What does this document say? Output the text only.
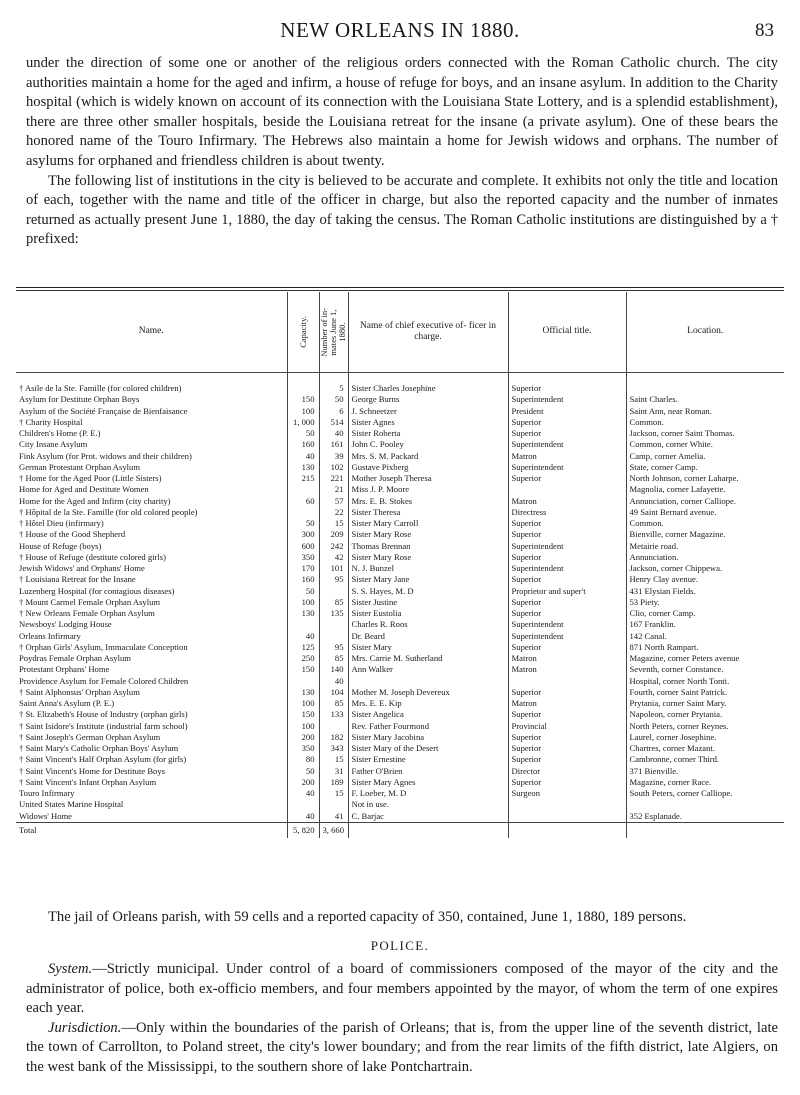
NEW ORLEANS IN 1880.	83

under the direction of some one or another of the religious orders connected with the Roman Catholic church. The city authorities maintain a home for the aged and infirm, a house of refuge for boys, and an insane asylum. In addition to the Charity hospital (which is widely known on account of its connection with the Louisiana State Lottery, and is a splendid establishment), there are three other smaller hospitals, beside the Louisiana retreat for the insane (a private asylum). One of these bears the honored name of the Touro Infirmary. The Hebrews also maintain a home for Jewish widows and orphans. The number of asylums for orphaned and friendless children is about twenty.

The following list of institutions in the city is believed to be accurate and complete. It exhibits not only the title and location of each, together with the name and title of the officer in charge, but also the reported capacity and the number of inmates returned as actually present June 1, 1880, the day of taking the census. The Roman Catholic institutions are distinguished by a † prefixed:

Name.	Capacity.	Number of in-
mates June 1,
1880.	Name of chief executive of- ficer in charge.	Official title.	Location.

† Asile de la Ste. Famille (for colored children)		5	Sister Charles Josephine	Superior	
Asylum for Destitute Orphan Boys	150	50	George Burns	Superintendent	Saint Charles.
Asylum of the Société Française de Bienfaisance	100	6	J. Schneetzer	President	Saint Ann, near Roman.
† Charity Hospital	1, 000	514	Sister Agnes	Superior	Common.
Children's Home (P. E.)	50	40	Sister Roberta	Superior	Jackson, corner Saint Thomas.
City Insane Asylum	160	161	John C. Pooley	Superintendent	Common, corner White.
Fink Asylum (for Prot. widows and their children)	40	39	Mrs. S. M. Packard	Matron	Camp, corner Amelia.
German Protestant Orphan Asylum	130	102	Gustave Pixberg	Superintendent	State, corner Camp.
† Home for the Aged Poor (Little Sisters)	215	221	Mother Joseph Theresa	Superior	North Johnson, corner Laharpe.
Home for Aged and Destitute Women		21	Miss J. P. Moore		Magnolia, corner Lafayette.
Home for the Aged and Infirm (city charity)	60	57	Mrs. E. B. Stokes	Matron	Annunciation, corner Calliope.
† Hôpital de la Ste. Famille (for old colored people)		22	Sister Theresa	Directress	49 Saint Bernard avenue.
† Hôtel Dieu (infirmary)	50	15	Sister Mary Carroll	Superior	Common.
† House of the Good Shepherd	300	209	Sister Mary Rose	Superior	Bienville, corner Magazine.
House of Refuge (boys)	600	242	Thomas Brennan	Superintendent	Metairie road.
† House of Refuge (destitute colored girls)	350	42	Sister Mary Rose	Superior	Annunciation.
Jewish Widows' and Orphans' Home	170	101	N. J. Bunzel	Superintendent	Jackson, corner Chippewa.
† Louisiana Retreat for the Insane	160	95	Sister Mary Jane	Superior	Henry Clay avenue.
Luzenberg Hospital (for contagious diseases)	50		S. S. Hayes, M. D	Proprietor and super't	431 Elysian Fields.
† Mount Carmel Female Orphan Asylum	100	85	Sister Justine	Superior	53 Piety.
† New Orleans Female Orphan Asylum	130	135	Sister Eustolia	Superior	Clio, corner Camp.
Newsboys' Lodging House			Charles R. Roos	Superintendent	167 Franklin.
Orleans Infirmary	40		Dr. Beard	Superintendent	142 Canal.
† Orphan Girls' Asylum, Immaculate Conception	125	95	Sister Mary	Superior	871 North Rampart.
Poydras Female Orphan Asylum	250	85	Mrs. Carrie M. Sutherland	Matron	Magazine, corner Peters avenue
Protestant Orphans' Home	150	140	Ann Walker	Matron	Seventh, corner Constance.
Providence Asylum for Female Colored Children		40			Hospital, corner North Tonti.
† Saint Alphonsus' Orphan Asylum	130	104	Mother M. Joseph Devereux	Superior	Fourth, corner Saint Patrick.
Saint Anna's Asylum (P. E.)	100	85	Mrs. E. E. Kip	Matron	Prytania, corner Saint Mary.
† St. Elizabeth's House of Industry (orphan girls)	150	133	Sister Angelica	Superior	Napoleon, corner Prytania.
† Saint Isidore's Institute (industrial farm school)	100		Rev. Father Fourmond	Provincial	North Peters, corner Reynes.
† Saint Joseph's German Orphan Asylum	200	182	Sister Mary Jacobina	Superior	Laurel, corner Josephine.
† Saint Mary's Catholic Orphan Boys' Asylum	350	343	Sister Mary of the Desert	Superior	Chartres, corner Mazant.
† Saint Vincent's Half Orphan Asylum (for girls)	80	15	Sister Ernestine	Superior	Cambronne, corner Third.
† Saint Vincent's Home for Destitute Boys	50	31	Father O'Brien	Director	371 Bienville.
† Saint Vincent's Infant Orphan Asylum	200	189	Sister Mary Agnes	Superior	Magazine, corner Race.
Touro Infirmary	40	15	F. Loeber, M. D	Surgeon	South Peters, corner Calliope.
United States Marine Hospital			Not in use.		
Widows' Home	40	41	C. Barjac		352 Esplanade.
Total	5, 820	3, 660			

The jail of Orleans parish, with 59 cells and a reported capacity of 350, contained, June 1, 1880, 189 persons.

POLICE.

System.—Strictly municipal. Under control of a board of commissioners composed of the mayor of the city and the administrator of police, both ex-officio members, and four members appointed by the mayor, of whom the term of one expires each year.

Jurisdiction.—Only within the boundaries of the parish of Orleans; that is, from the upper line of the seventh district, late the town of Carrollton, to Poland street, the city's lower boundary; and from the rear limits of the fifth district, late Algiers, on the west bank of the Mississippi, to the southern shore of lake Pontchartrain.
